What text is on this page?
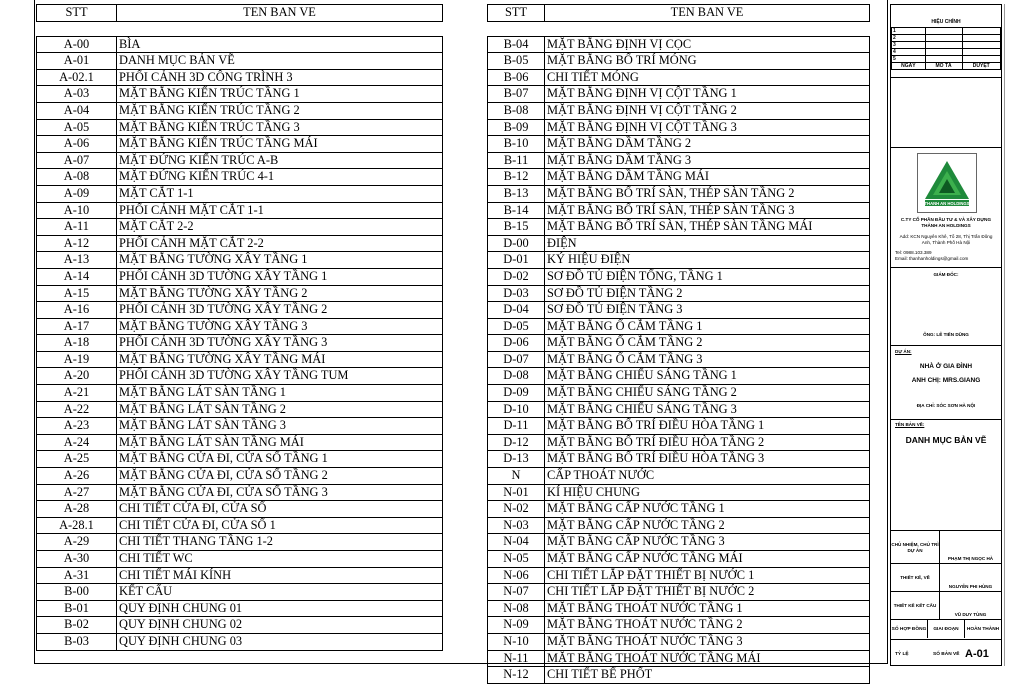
STT	TEN BAN VE

A-00	BÌA
A-01	DANH MỤC BẢN VẼ
A-02.1	PHỐI CẢNH 3D CÔNG TRÌNH 3
A-03	MẶT BẰNG KIẾN TRÚC TẦNG 1
A-04	MẶT BẰNG KIẾN TRÚC TẦNG 2
A-05	MẶT BẰNG KIẾN TRÚC TẦNG 3
A-06	MẶT BẰNG KIẾN TRÚC TẦNG MÁI
A-07	MẶT ĐỨNG KIẾN TRÚC A-B
A-08	MẶT ĐỨNG KIẾN TRÚC 4-1
A-09	MẶT CẮT 1-1
A-10	PHỐI CẢNH MẶT CẮT 1-1
A-11	MẶT CẮT 2-2
A-12	PHỐI CẢNH MẶT CẮT 2-2
A-13	MẶT BẰNG TƯỜNG XÂY TẦNG 1
A-14	PHỐI CẢNH 3D TƯỜNG XÂY TẦNG 1
A-15	MẶT BẰNG TƯỜNG XÂY TẦNG 2
A-16	PHỐI CẢNH 3D TƯỜNG XÂY TẦNG 2
A-17	MẶT BẰNG TƯỜNG XÂY TẦNG 3
A-18	PHỐI CẢNH 3D TƯỜNG XÂY TẦNG 3
A-19	MẶT BẰNG TƯỜNG XÂY TẦNG MÁI
A-20	PHỐI CẢNH 3D TƯỜNG XÂY TẦNG TUM
A-21	MẶT BẰNG LÁT SÀN TẦNG 1
A-22	MẶT BẰNG LÁT SÀN TẦNG 2
A-23	MẶT BẰNG LÁT SÀN TẦNG 3
A-24	MẶT BẰNG LÁT SÀN TẦNG MÁI
A-25	MẶT BẰNG CỬA ĐI, CỬA SỔ TẦNG 1
A-26	MẶT BẰNG CỬA ĐI, CỬA SỔ TẦNG 2
A-27	MẶT BẰNG CỬA ĐI, CỬA SỔ TẦNG 3
A-28	CHI TIẾT CỬA ĐI, CỬA SỔ
A-28.1	CHI TIẾT CỬA ĐI, CỬA SỔ 1
A-29	CHI TIẾT THANG TẦNG 1-2
A-30	CHI TIẾT WC
A-31	CHI TIẾT MÁI KÍNH
B-00	KẾT CẤU
B-01	QUY ĐỊNH CHUNG 01
B-02	QUY ĐỊNH CHUNG 02
B-03	QUY ĐỊNH CHUNG 03
STT	TEN BAN VE

B-04	MẶT BẰNG ĐỊNH VỊ CỌC
B-05	MẶT BẰNG BỐ TRÍ MÓNG
B-06	CHI TIẾT MÓNG
B-07	MẶT BẰNG ĐỊNH VỊ CỘT TẦNG 1
B-08	MẶT BẰNG ĐỊNH VỊ CỘT TẦNG 2
B-09	MẶT BẰNG ĐỊNH VỊ CỘT TẦNG 3
B-10	MẶT BẰNG DẦM TẦNG 2
B-11	MẶT BẰNG DẦM TẦNG 3
B-12	MẶT BẰNG DẦM TẦNG MÁI
B-13	MẶT BẰNG BỐ TRÍ SÀN, THÉP SÀN TẦNG 2
B-14	MẶT BẰNG BỐ TRÍ SÀN, THÉP SÀN TẦNG 3
B-15	MẶT BẰNG BỐ TRÍ SÀN, THÉP SÀN TẦNG MÁI
D-00	ĐIỆN
D-01	KÝ HIỆU ĐIỆN
D-02	SƠ ĐỒ TỦ ĐIỆN TỔNG, TẦNG 1
D-03	SƠ ĐỒ TỦ ĐIỆN TẦNG 2
D-04	SƠ ĐỒ TỦ ĐIỆN TẦNG 3
D-05	MẶT BẰNG Ổ CẮM TẦNG 1
D-06	MẶT BẰNG Ổ CẮM TẦNG 2
D-07	MẶT BẰNG Ổ CẮM TẦNG 3
D-08	MẶT BẰNG CHIẾU SÁNG TẦNG 1
D-09	MẶT BẰNG CHIẾU SÁNG TẦNG 2
D-10	MẶT BẰNG CHIẾU SÁNG TẦNG 3
D-11	MẶT BẰNG BỐ TRÍ ĐIỀU HÒA TẦNG 1
D-12	MẶT BẰNG BỐ TRÍ ĐIỀU HÒA TẦNG 2
D-13	MẶT BẰNG BỐ TRÍ ĐIỀU HÒA TẦNG 3
N	CẤP THOÁT NƯỚC
N-01	KÍ HIỆU CHUNG
N-02	MẶT BẰNG CẤP NƯỚC TẦNG 1
N-03	MẶT BẰNG CẤP NƯỚC TẦNG 2
N-04	MẶT BẰNG CẤP NƯỚC TẦNG 3
N-05	MẶT BẰNG CẤP NƯỚC TẦNG MÁI
N-06	CHI TIẾT LẮP ĐẶT THIẾT BỊ NƯỚC 1
N-07	CHI TIẾT LẮP ĐẶT THIẾT BỊ NƯỚC 2
N-08	MẶT BẰNG THOÁT NƯỚC TẦNG 1
N-09	MẶT BẰNG THOÁT NƯỚC TẦNG 2
N-10	MẶT BẰNG THOÁT NƯỚC TẦNG 3
N-11	MẶT BẰNG THOÁT NƯỚC TẦNG MÁI
N-12	CHI TIẾT BỂ PHỐT
HIỆU CHỈNH
1		
2		
3		
4		
5		
NGÀY	MÔ TẢ	DUYỆT
THANH AN HOLDINGS
C.TY CỔ PHẦN ĐẦU TƯ & VÀ XÂY DỰNG THÀNH AN HOLDINGS
Add: KCN Nguyên Khê, Tổ 28, Thị Trấn Đông Anh, Thành Phố Hà Nội
Tel: 0988.103.389
Email: thanhanholdings@gmail.com
GIÁM ĐỐC:
ÔNG: LÊ TIẾN DŨNG
DỰ ÁN:
NHÀ Ở GIA ĐÌNH
ANH CHỊ: MRS.GIANG
ĐỊA CHỈ: SÓC SƠN HÀ NỘI
TÊN BẢN VẼ:
DANH MỤC BẢN VẼ
CHỦ NHIỆM, CHỦ TRÌ DỰ ÁN
PHẠM THỊ NGỌC HÀ
THIẾT KẾ, VẼ
NGUYỄN PHI HÙNG
THIẾT KẾ KẾT CẤU
VŨ DUY TÙNG
SỐ HỢP ĐỒNG	GIAI ĐOẠN	HOÀN THÀNH
TỶ LỆ	SỐ BẢN VẼ A-01
